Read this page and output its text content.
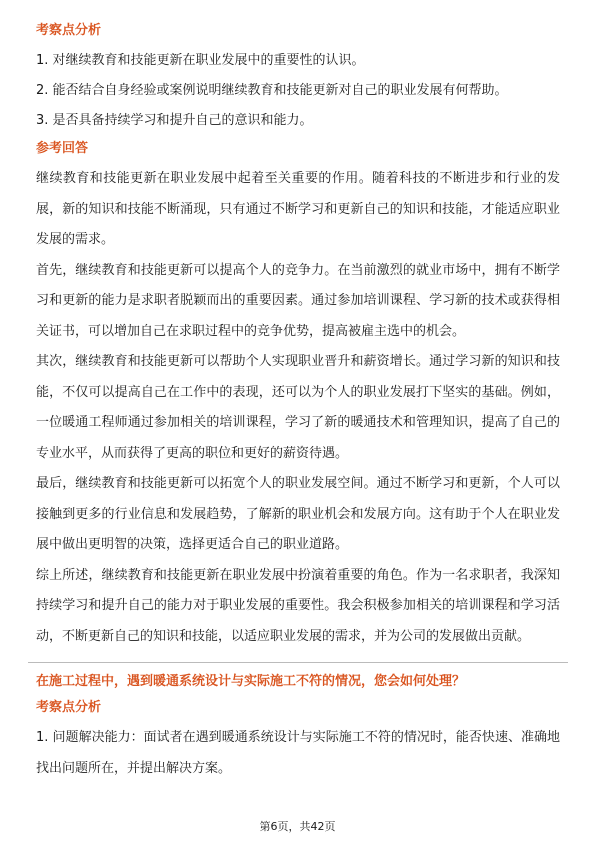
考察点分析

1. 对继续教育和技能更新在职业发展中的重要性的认识。

2. 能否结合自身经验或案例说明继续教育和技能更新对自己的职业发展有何帮助。

3. 是否具备持续学习和提升自己的意识和能力。

参考回答

继续教育和技能更新在职业发展中起着至关重要的作用。随着科技的不断进步和行业的发展，新的知识和技能不断涌现，只有通过不断学习和更新自己的知识和技能，才能适应职业发展的需求。

首先，继续教育和技能更新可以提高个人的竞争力。在当前激烈的就业市场中，拥有不断学习和更新的能力是求职者脱颖而出的重要因素。通过参加培训课程、学习新的技术或获得相关证书，可以增加自己在求职过程中的竞争优势，提高被雇主选中的机会。

其次，继续教育和技能更新可以帮助个人实现职业晋升和薪资增长。通过学习新的知识和技能，不仅可以提高自己在工作中的表现，还可以为个人的职业发展打下坚实的基础。例如，一位暖通工程师通过参加相关的培训课程，学习了新的暖通技术和管理知识，提高了自己的专业水平，从而获得了更高的职位和更好的薪资待遇。

最后，继续教育和技能更新可以拓宽个人的职业发展空间。通过不断学习和更新，个人可以接触到更多的行业信息和发展趋势，了解新的职业机会和发展方向。这有助于个人在职业发展中做出更明智的决策，选择更适合自己的职业道路。

综上所述，继续教育和技能更新在职业发展中扮演着重要的角色。作为一名求职者，我深知持续学习和提升自己的能力对于职业发展的重要性。我会积极参加相关的培训课程和学习活动，不断更新自己的知识和技能，以适应职业发展的需求，并为公司的发展做出贡献。

在施工过程中，遇到暖通系统设计与实际施工不符的情况，您会如何处理？
考察点分析

1. 问题解决能力：面试者在遇到暖通系统设计与实际施工不符的情况时，能否快速、准确地找出问题所在，并提出解决方案。

第6页，共42页
